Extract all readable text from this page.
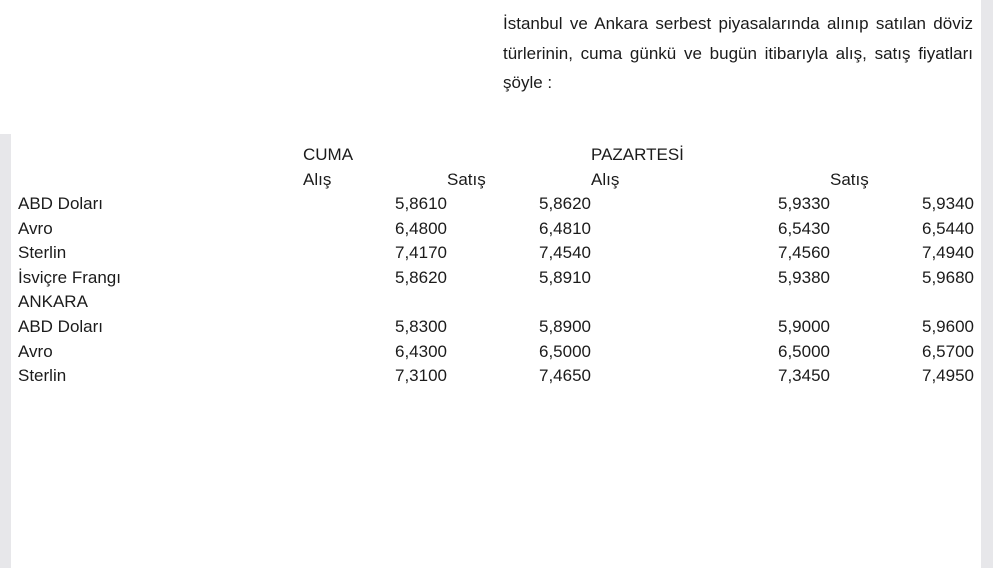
İstanbul ve Ankara serbest piyasalarında alınıp satılan döviz türlerinin, cuma günkü ve bugün itibarıyla alış, satış fiyatları şöyle :

CUMA	PAZARTESİ
Alış	Satış	Alış	Satış
ABD Doları	5,8610	5,8620	5,9330	5,9340
Avro	6,4800	6,4810	6,5430	6,5440
Sterlin	7,4170	7,4540	7,4560	7,4940
İsviçre Frangı	5,8620	5,8910	5,9380	5,9680
ANKARA
ABD Doları	5,8300	5,8900	5,9000	5,9600
Avro	6,4300	6,5000	6,5000	6,5700
Sterlin	7,3100	7,4650	7,3450	7,4950
